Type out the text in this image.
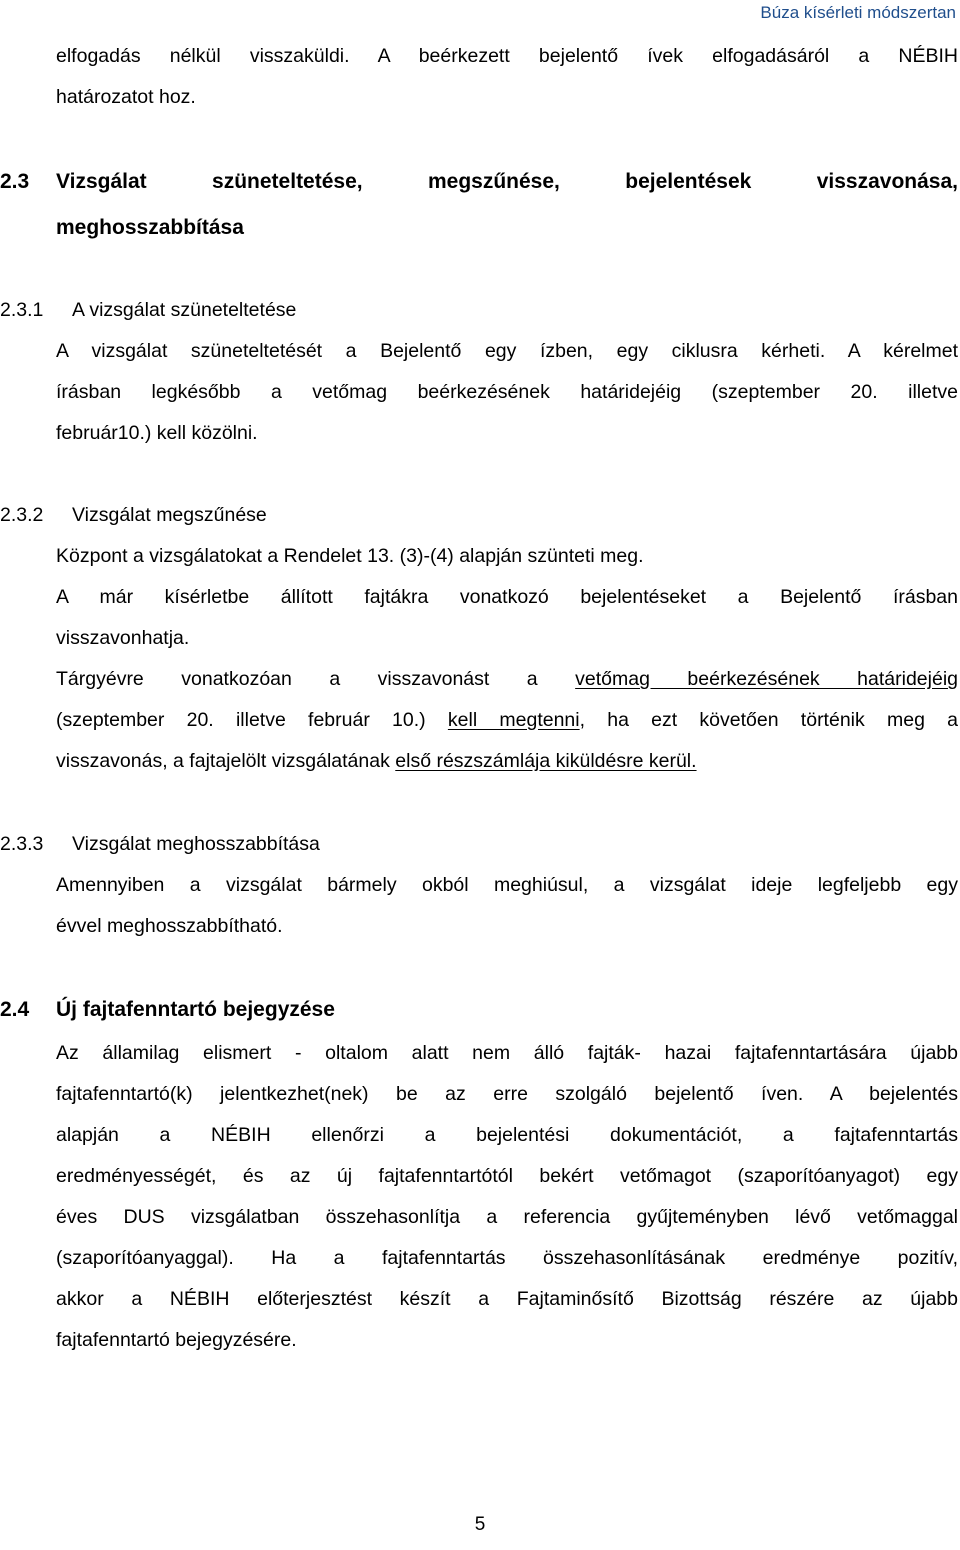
Búza kísérleti módszertan
elfogadás nélkül visszaküldi. A beérkezett bejelentő ívek elfogadásáról a NÉBIH
határozatot hoz.
2.3	Vizsgálat szüneteltetése, megszűnése, bejelentések visszavonása,
meghosszabbítása
2.3.1 A vizsgálat szüneteltetése
A vizsgálat szüneteltetését a Bejelentő egy ízben, egy ciklusra kérheti. A kérelmet
írásban legkésőbb a vetőmag beérkezésének határidejéig (szeptember 20. illetve
február10.) kell közölni.
2.3.2 Vizsgálat megszűnése
Központ a vizsgálatokat a Rendelet 13. (3)-(4) alapján szünteti meg.
A már kísérletbe állított fajtákra vonatkozó bejelentéseket a Bejelentő írásban
visszavonhatja.
Tárgyévre vonatkozóan a visszavonást a vetőmag beérkezésének határidejéig
(szeptember 20. illetve február 10.) kell megtenni, ha ezt követően történik meg a
visszavonás, a fajtajelölt vizsgálatának első részszámlája kiküldésre kerül.
2.3.3 Vizsgálat meghosszabbítása
Amennyiben a vizsgálat bármely okból meghiúsul, a vizsgálat ideje legfeljebb egy
évvel meghosszabbítható.
2.4 Új fajtafenntartó bejegyzése
Az államilag elismert - oltalom alatt nem álló fajták- hazai fajtafenntartására újabb
fajtafenntartó(k) jelentkezhet(nek) be az erre szolgáló bejelentő íven. A bejelentés
alapján a NÉBIH ellenőrzi a bejelentési dokumentációt, a fajtafenntartás
eredményességét, és az új fajtafenntartótól bekért vetőmagot (szaporítóanyagot) egy
éves DUS vizsgálatban összehasonlítja a referencia gyűjteményben lévő vetőmaggal
(szaporítóanyaggal). Ha a fajtafenntartás összehasonlításának eredménye pozitív,
akkor a NÉBIH előterjesztést készít a Fajtaminősítő Bizottság részére az újabb
fajtafenntartó bejegyzésére.
5
